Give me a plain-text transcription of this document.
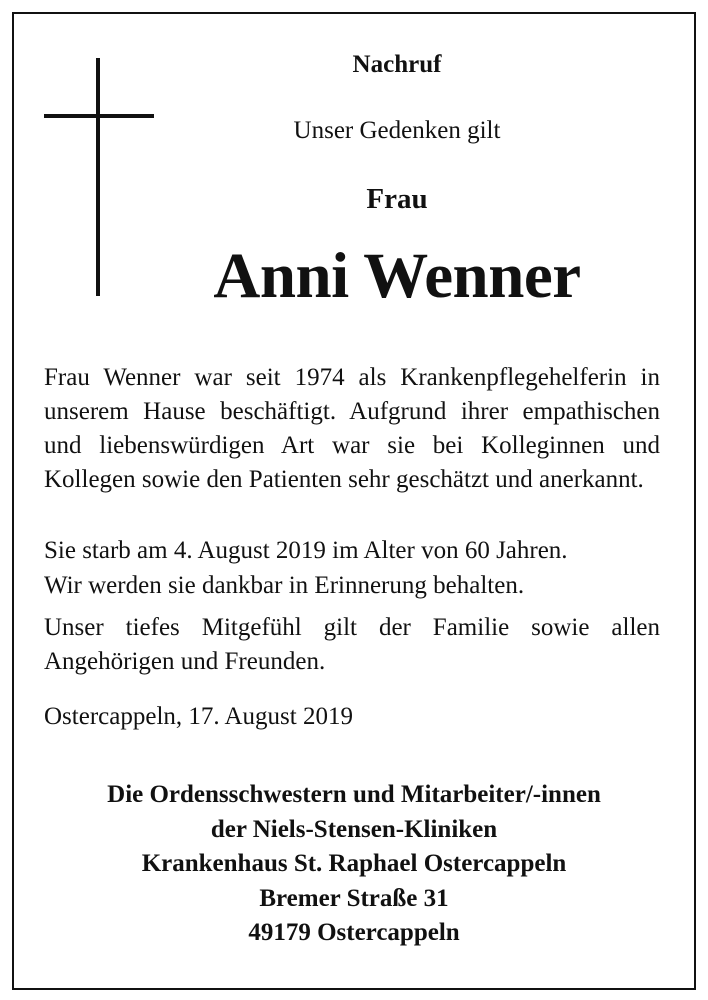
Nachruf
Unser Gedenken gilt
Frau
Anni Wenner
Frau Wenner war seit 1974 als Krankenpflegehelferin in unserem Hause beschäftigt. Aufgrund ihrer empathischen und liebenswürdigen Art war sie bei Kolleginnen und Kollegen sowie den Patienten sehr geschätzt und anerkannt.
Sie starb am 4. August 2019 im Alter von 60 Jahren.
Wir werden sie dankbar in Erinnerung behalten.
Unser tiefes Mitgefühl gilt der Familie sowie allen Angehörigen und Freunden.
Ostercappeln, 17. August 2019
Die Ordensschwestern und Mitarbeiter/-innen
der Niels-Stensen-Kliniken
Krankenhaus St. Raphael Ostercappeln
Bremer Straße 31
49179 Ostercappeln
